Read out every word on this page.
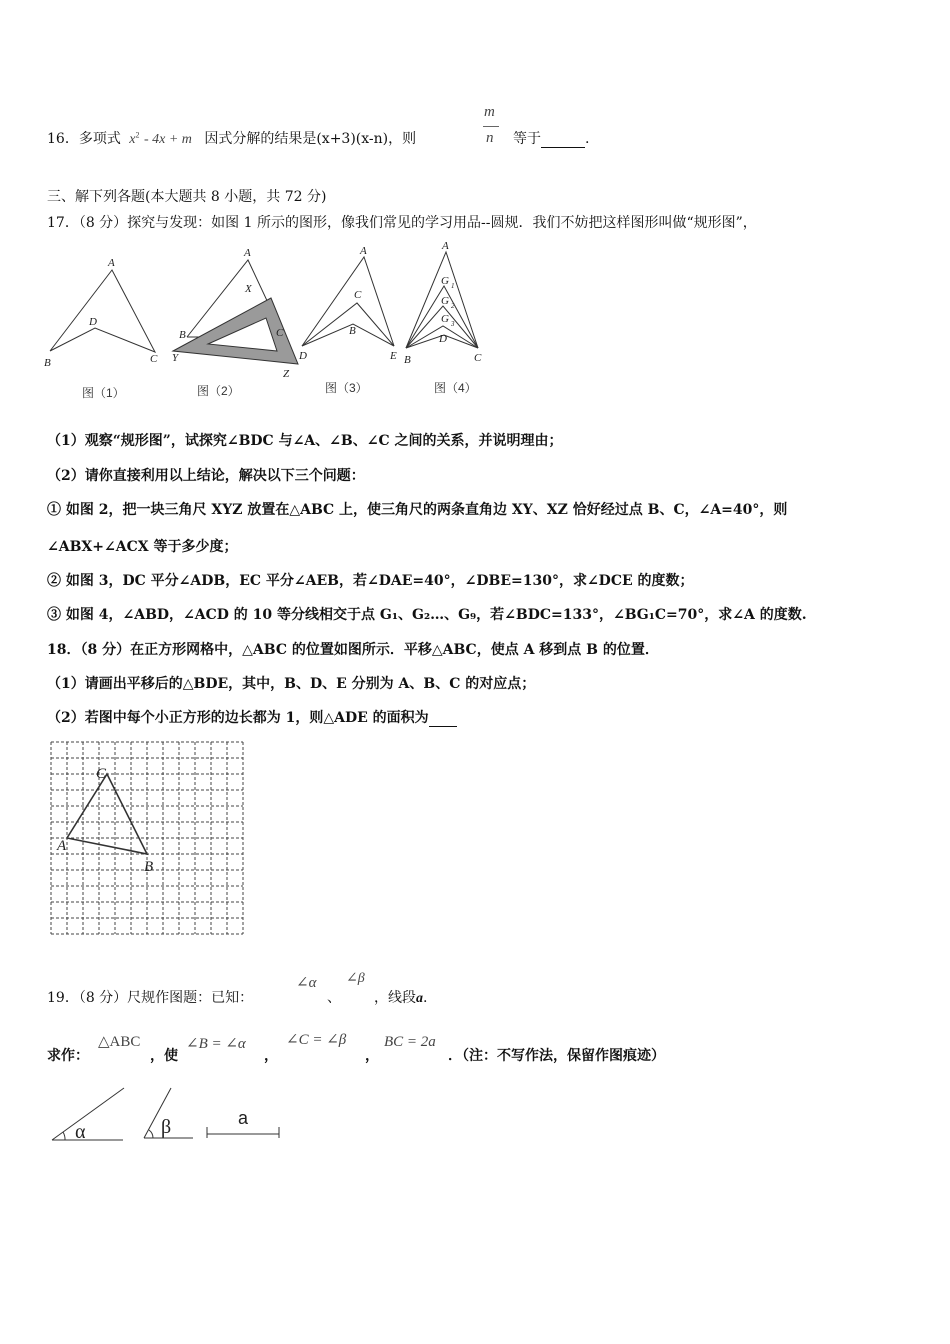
16．多项式 $x^2 - 4x + m$ 因式分解的结果是(x+3)(x-n)，则
m
n 等于	.
三、解下列各题(本大题共 8 小题，共 72 分)
17．（8 分）探究与发现：如图 1 所示的图形，像我们常见的学习用品--圆规．我们不妨把这样图形叫做“规形图”，
A
D
B	C
A
X
B	C
Y
Z
A
C
B
D	E
A
G 1
G 2
G 3
D
B	C
图（1）	图（2）	图（3）	图（4）
（1）观察“规形图”，试探究∠BDC 与∠A、∠B、∠C 之间的关系，并说明理由；
（2）请你直接利用以上结论，解决以下三个问题：
① 如图 2，把一块三角尺 XYZ 放置在△ABC 上，使三角尺的两条直角边 XY、XZ 恰好经过点 B、C，∠A=40°，则
∠ABX+∠ACX 等于多少度；
② 如图 3，DC 平分∠ADB，EC 平分∠AEB，若∠DAE=40°，∠DBE=130°，求∠DCE 的度数；
③ 如图 4，∠ABD，∠ACD 的 10 等分线相交于点 G₁、G₂…、G₉，若∠BDC=133°，∠BG₁C=70°，求∠A 的度数.
18．（8 分）在正方形网格中，△ABC 的位置如图所示．平移△ABC，使点 A 移到点 B 的位置．
（1）请画出平移后的△BDE，其中，B、D、E 分别为 A、B、C 的对应点；
（2）若图中每个小正方形的边长都为 1，则△ADE 的面积为
C
A
B
19．（8 分）尺规作图题：已知：
∠α
、
∠β
，线段a.
求作：
△ABC
，使
∠B = ∠α
，
∠C = ∠β
，
BC = 2a
．（注：不写作法，保留作图痕迹）
α	β	a
